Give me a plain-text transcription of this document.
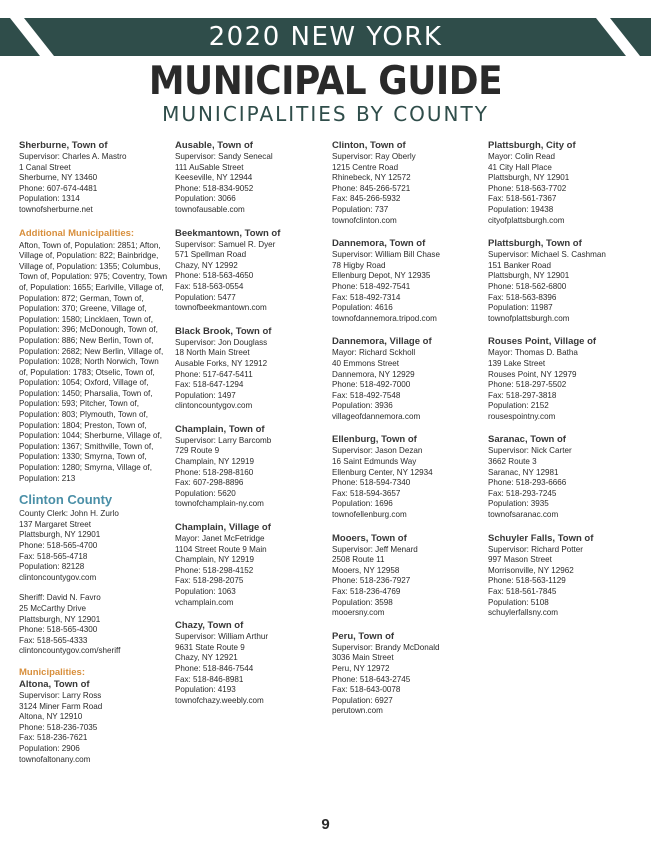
2020 NEW YORK
MUNICIPAL GUIDE
MUNICIPALITIES BY COUNTY
Sherburne, Town of
Supervisor: Charles A. Mastro
1 Canal Street
Sherburne, NY 13460
Phone: 607-674-4481
Population: 1314
townofsherburne.net
Additional Municipalities:
Afton, Town of, Population: 2851; Afton, Village of, Population: 822; Bainbridge, Village of, Population: 1355; Columbus, Town of, Population: 975; Coventry, Town of, Population: 1655; Earlville, Village of, Population: 872; German, Town of, Population: 370; Greene, Village of, Population: 1580; Lincklaen, Town of, Population: 396; McDonough, Town of, Population: 886; New Berlin, Town of, Population: 2682; New Berlin, Village of, Population: 1028; North Norwich, Town of, Population: 1783; Otselic, Town of, Population: 1054; Oxford, Village of, Population: 1450; Pharsalia, Town of, Population: 593; Pitcher, Town of, Population: 803; Plymouth, Town of, Population: 1804; Preston, Town of, Population: 1044; Sherburne, Village of, Population: 1367; Smithville, Town of, Population: 1330; Smyrna, Town of, Population: 1280; Smyrna, Village of, Population: 213
Clinton County
County Clerk: John H. Zurlo
137 Margaret Street
Plattsburgh, NY 12901
Phone: 518-565-4700
Fax: 518-565-4718
Population: 82128
clintoncountygov.com
Sheriff: David N. Favro
25 McCarthy Drive
Plattsburgh, NY 12901
Phone: 518-565-4300
Fax: 518-565-4333
clintoncountygov.com/sheriff
Municipalities:
Altona, Town of
Supervisor: Larry Ross
3124 Miner Farm Road
Altona, NY 12910
Phone: 518-236-7035
Fax: 518-236-7621
Population: 2906
townofaltonany.com
Ausable, Town of
Supervisor: Sandy Senecal
111 AuSable Street
Keeseville, NY 12944
Phone: 518-834-9052
Population: 3066
townofausable.com
Beekmantown, Town of
Supervisor: Samuel R. Dyer
571 Spellman Road
Chazy, NY 12992
Phone: 518-563-4650
Fax: 518-563-0554
Population: 5477
townofbeekmantown.com
Black Brook, Town of
Supervisor: Jon Douglass
18 North Main Street
Ausable Forks, NY 12912
Phone: 517-647-5411
Fax: 518-647-1294
Population: 1497
clintoncountygov.com
Champlain, Town of
Supervisor: Larry Barcomb
729 Route 9
Champlain, NY 12919
Phone: 518-298-8160
Fax: 607-298-8896
Population: 5620
townofchamplain-ny.com
Champlain, Village of
Mayor: Janet McFetridge
1104 Street Route 9 Main
Champlain, NY 12919
Phone: 518-298-4152
Fax: 518-298-2075
Population: 1063
vchamplain.com
Chazy, Town of
Supervisor: William Arthur
9631 State Route 9
Chazy, NY 12921
Phone: 518-846-7544
Fax: 518-846-8981
Population: 4193
townofchazy.weebly.com
Clinton, Town of
Supervisor: Ray Oberly
1215 Centre Road
Rhinebeck, NY 12572
Phone: 845-266-5721
Fax: 845-266-5932
Population: 737
townofclinton.com
Dannemora, Town of
Supervisor: William Bill Chase
78 Higby Road
Ellenburg Depot, NY 12935
Phone: 518-492-7541
Fax: 518-492-7314
Population: 4616
townofdannemora.tripod.com
Dannemora, Village of
Mayor: Richard Sckholl
40 Emmons Street
Dannemora, NY 12929
Phone: 518-492-7000
Fax: 518-492-7548
Population: 3936
villageofdannemora.com
Ellenburg, Town of
Supervisor: Jason Dezan
16 Saint Edmunds Way
Ellenburg Center, NY 12934
Phone: 518-594-7340
Fax: 518-594-3657
Population: 1696
townofellenburg.com
Mooers, Town of
Supervisor: Jeff Menard
2508 Route 11
Mooers, NY 12958
Phone: 518-236-7927
Fax: 518-236-4769
Population: 3598
mooersny.com
Peru, Town of
Supervisor: Brandy McDonald
3036 Main Street
Peru, NY 12972
Phone: 518-643-2745
Fax: 518-643-0078
Population: 6927
perutown.com
Plattsburgh, City of
Mayor: Colin Read
41 City Hall Place
Plattsburgh, NY 12901
Phone: 518-563-7702
Fax: 518-561-7367
Population: 19438
cityofplattsburgh.com
Plattsburgh, Town of
Supervisor: Michael S. Cashman
151 Banker Road
Plattsburgh, NY 12901
Phone: 518-562-6800
Fax: 518-563-8396
Population: 11987
townofplattsburgh.com
Rouses Point, Village of
Mayor: Thomas D. Batha
139 Lake Street
Rouses Point, NY 12979
Phone: 518-297-5502
Fax: 518-297-3818
Population: 2152
rousespointny.com
Saranac, Town of
Supervisor: Nick Carter
3662 Route 3
Saranac, NY 12981
Phone: 518-293-6666
Fax: 518-293-7245
Population: 3935
townofsaranac.com
Schuyler Falls, Town of
Supervisor: Richard Potter
997 Mason Street
Morrisonville, NY 12962
Phone: 518-563-1129
Fax: 518-561-7845
Population: 5108
schuylerfallsny.com
9
